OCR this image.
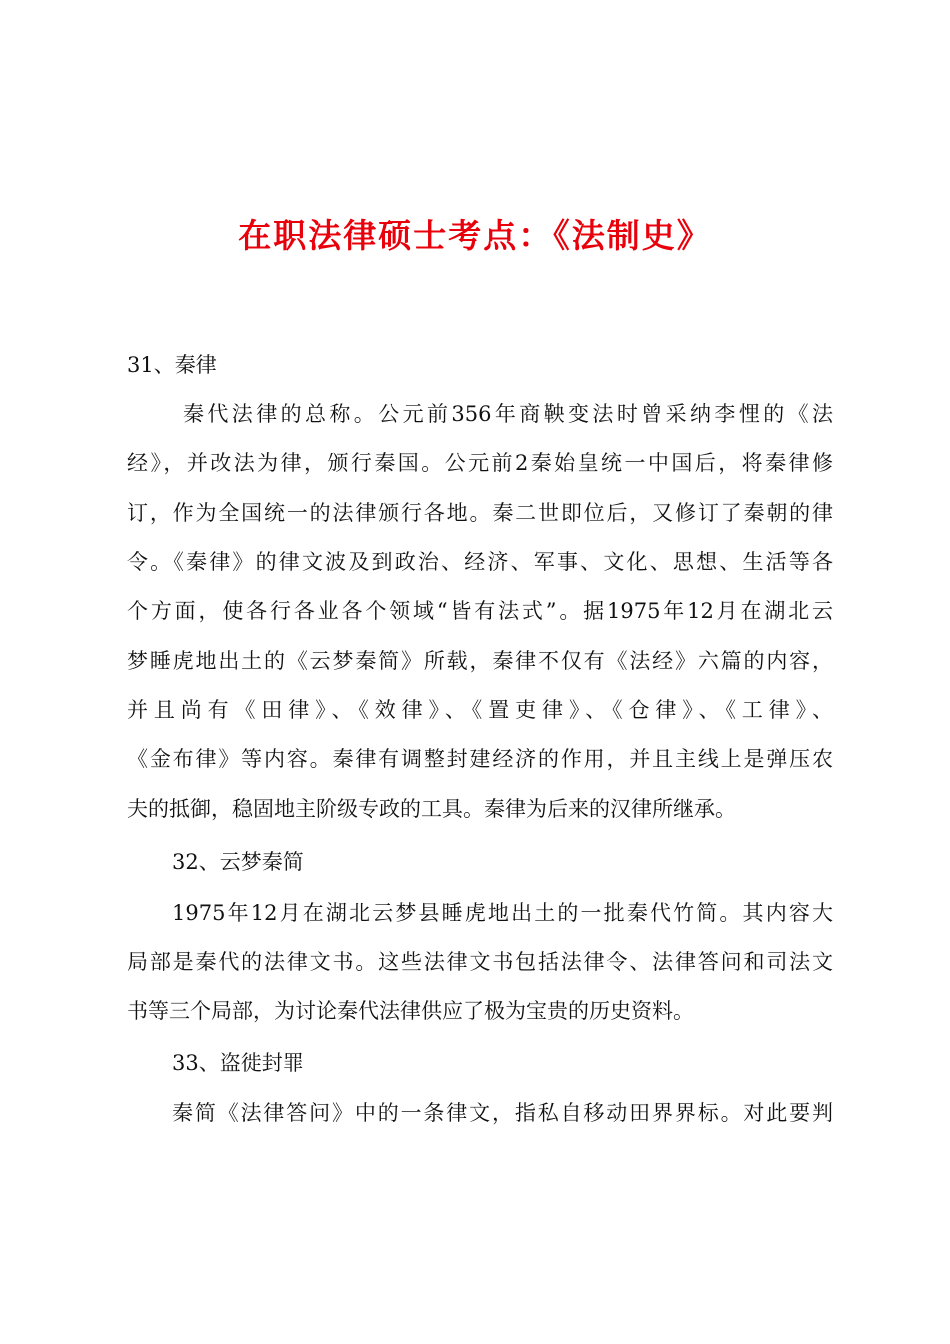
在职法律硕士考点：《法制史》
31、秦律
秦代法律的总称。公元前356年商鞅变法时曾采纳李悝的《法
经》，并改法为律，颁行秦国。公元前2秦始皇统一中国后，将秦律修
订，作为全国统一的法律颁行各地。秦二世即位后，又修订了秦朝的律
令。《秦律》的律文波及到政治、经济、军事、文化、思想、生活等各
个方面，使各行各业各个领域“皆有法式”。据1975年12月在湖北云
梦睡虎地出土的《云梦秦简》所载，秦律不仅有《法经》六篇的内容，
并且尚有《田律》、《效律》、《置吏律》、《仓律》、《工律》、
《金布律》等内容。秦律有调整封建经济的作用，并且主线上是弹压农
夫的抵御，稳固地主阶级专政的工具。秦律为后来的汉律所继承。
32、云梦秦简
1975年12月在湖北云梦县睡虎地出土的一批秦代竹简。其内容大
局部是秦代的法律文书。这些法律文书包括法律令、法律答问和司法文
书等三个局部，为讨论秦代法律供应了极为宝贵的历史资料。
33、盗徙封罪
秦简《法律答问》中的一条律文，指私自移动田界界标。对此要判
